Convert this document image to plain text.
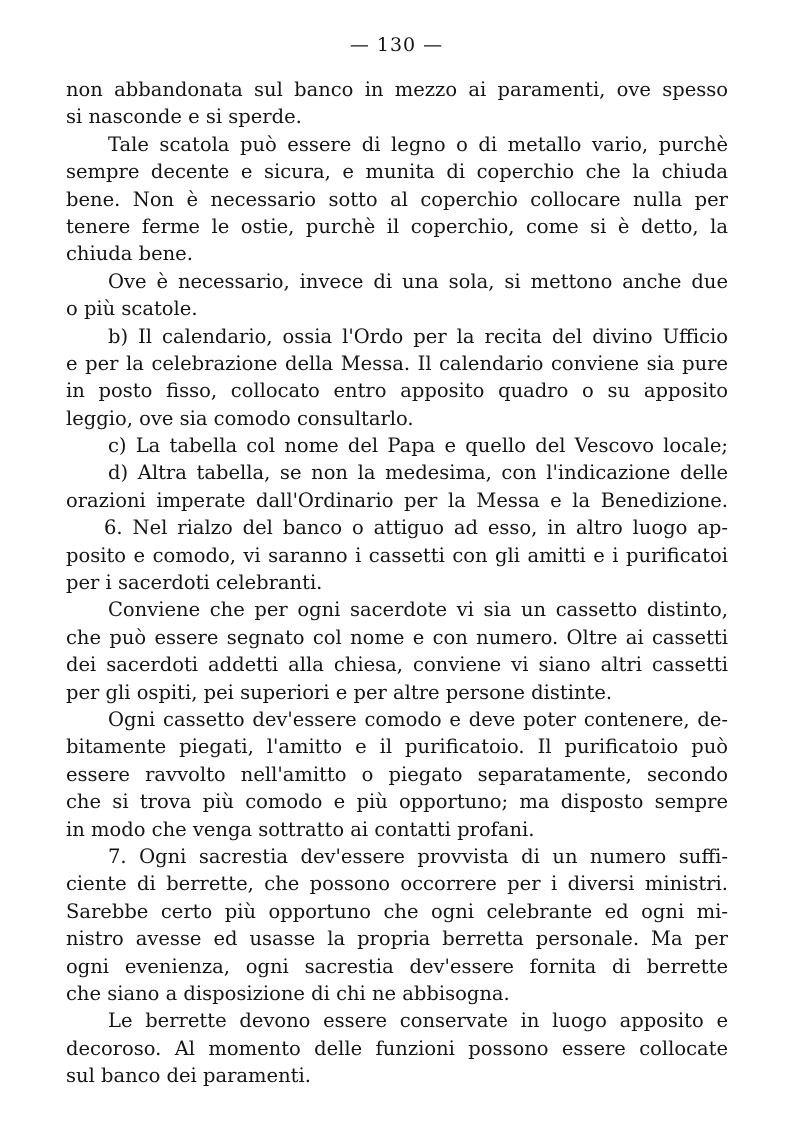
— 130 —
non abbandonata sul banco in mezzo ai paramenti, ove spesso
si nasconde e si sperde.
Tale scatola può essere di legno o di metallo vario, purchè
sempre decente e sicura, e munita di coperchio che la chiuda
bene. Non è necessario sotto al coperchio collocare nulla per
tenere ferme le ostie, purchè il coperchio, come si è detto, la
chiuda bene.
Ove è necessario, invece di una sola, si mettono anche due
o più scatole.
b) Il calendario, ossia l'Ordo per la recita del divino Ufficio
e per la celebrazione della Messa. Il calendario conviene sia pure
in posto fisso, collocato entro apposito quadro o su apposito
leggio, ove sia comodo consultarlo.
c) La tabella col nome del Papa e quello del Vescovo locale;
d) Altra tabella, se non la medesima, con l'indicazione delle
orazioni imperate dall'Ordinario per la Messa e la Benedizione.
6. Nel rialzo del banco o attiguo ad esso, in altro luogo ap-
posito e comodo, vi saranno i cassetti con gli amitti e i purificatoi
per i sacerdoti celebranti.
Conviene che per ogni sacerdote vi sia un cassetto distinto,
che può essere segnato col nome e con numero. Oltre ai cassetti
dei sacerdoti addetti alla chiesa, conviene vi siano altri cassetti
per gli ospiti, pei superiori e per altre persone distinte.
Ogni cassetto dev'essere comodo e deve poter contenere, de-
bitamente piegati, l'amitto e il purificatoio. Il purificatoio può
essere ravvolto nell'amitto o piegato separatamente, secondo
che si trova più comodo e più opportuno; ma disposto sempre
in modo che venga sottratto ai contatti profani.
7. Ogni sacrestia dev'essere provvista di un numero suffi-
ciente di berrette, che possono occorrere per i diversi ministri.
Sarebbe certo più opportuno che ogni celebrante ed ogni mi-
nistro avesse ed usasse la propria berretta personale. Ma per
ogni evenienza, ogni sacrestia dev'essere fornita di berrette
che siano a disposizione di chi ne abbisogna.
Le berrette devono essere conservate in luogo apposito e
decoroso. Al momento delle funzioni possono essere collocate
sul banco dei paramenti.
